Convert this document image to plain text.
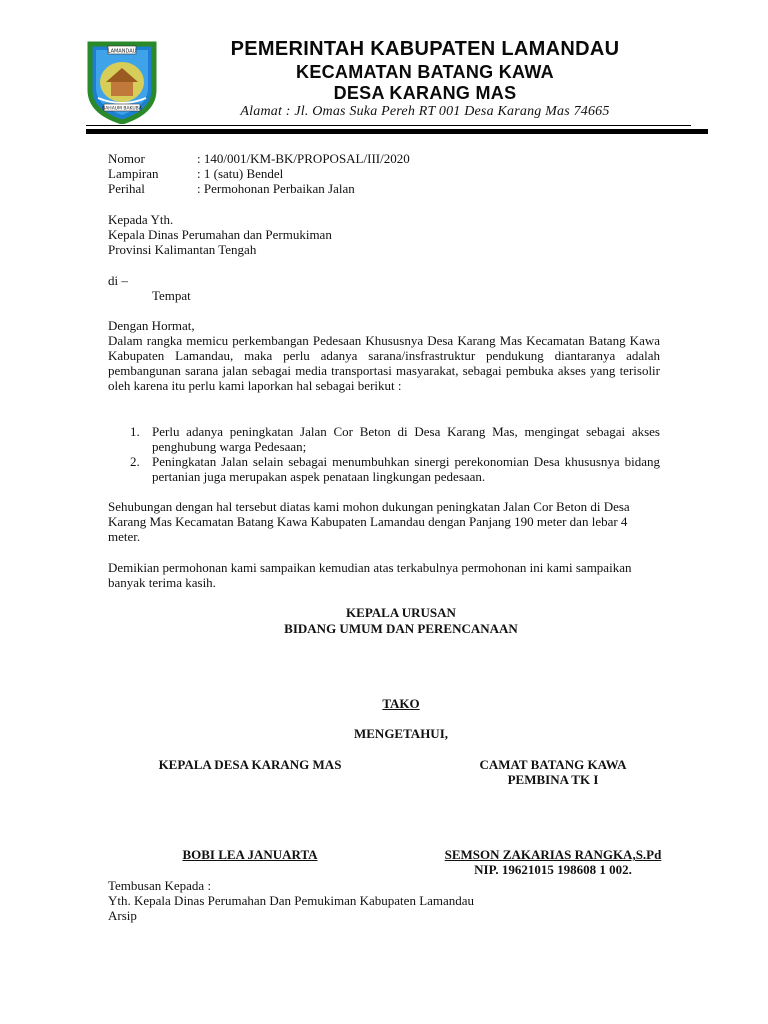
LAMANDAU
BAHAUM BAKUBA
PEMERINTAH KABUPATEN LAMANDAU
KECAMATAN BATANG KAWA
DESA KARANG MAS
Alamat : Jl. Omas Suka Pereh RT 001 Desa Karang Mas 74665
Nomor	: 140/001/KM-BK/PROPOSAL/III/2020
Lampiran	: 1 (satu) Bendel
Perihal	: Permohonan Perbaikan Jalan
Kepada Yth.
Kepala Dinas Perumahan dan Permukiman
Provinsi Kalimantan Tengah
di –
Tempat
Dengan Hormat,
Dalam rangka memicu perkembangan Pedesaan Khususnya Desa Karang Mas Kecamatan Batang Kawa Kabupaten Lamandau, maka perlu adanya sarana/insfrastruktur pendukung diantaranya adalah pembangunan sarana jalan sebagai media transportasi masyarakat, sebagai pembuka akses yang terisolir oleh karena itu perlu kami laporkan hal sebagai berikut :
1. Perlu adanya peningkatan Jalan Cor Beton di Desa Karang Mas, mengingat sebagai akses penghubung warga Pedesaan;
2. Peningkatan Jalan selain sebagai menumbuhkan sinergi perekonomian Desa khususnya bidang pertanian juga merupakan aspek penataan lingkungan pedesaan.
Sehubungan dengan hal tersebut diatas kami mohon dukungan peningkatan Jalan Cor Beton di Desa Karang Mas Kecamatan Batang Kawa Kabupaten Lamandau dengan Panjang 190 meter dan lebar 4 meter.
Demikian permohonan kami sampaikan kemudian atas terkabulnya permohonan ini kami sampaikan banyak terima kasih.
KEPALA URUSAN
BIDANG UMUM DAN PERENCANAAN
TAKO
MENGETAHUI,
KEPALA DESA KARANG MAS
BOBI LEA JANUARTA
CAMAT BATANG KAWA
PEMBINA TK I
SEMSON ZAKARIAS RANGKA,S.Pd
NIP. 19621015 198608 1 002.
Tembusan Kepada :
Yth. Kepala Dinas Perumahan Dan Pemukiman Kabupaten Lamandau
Arsip
